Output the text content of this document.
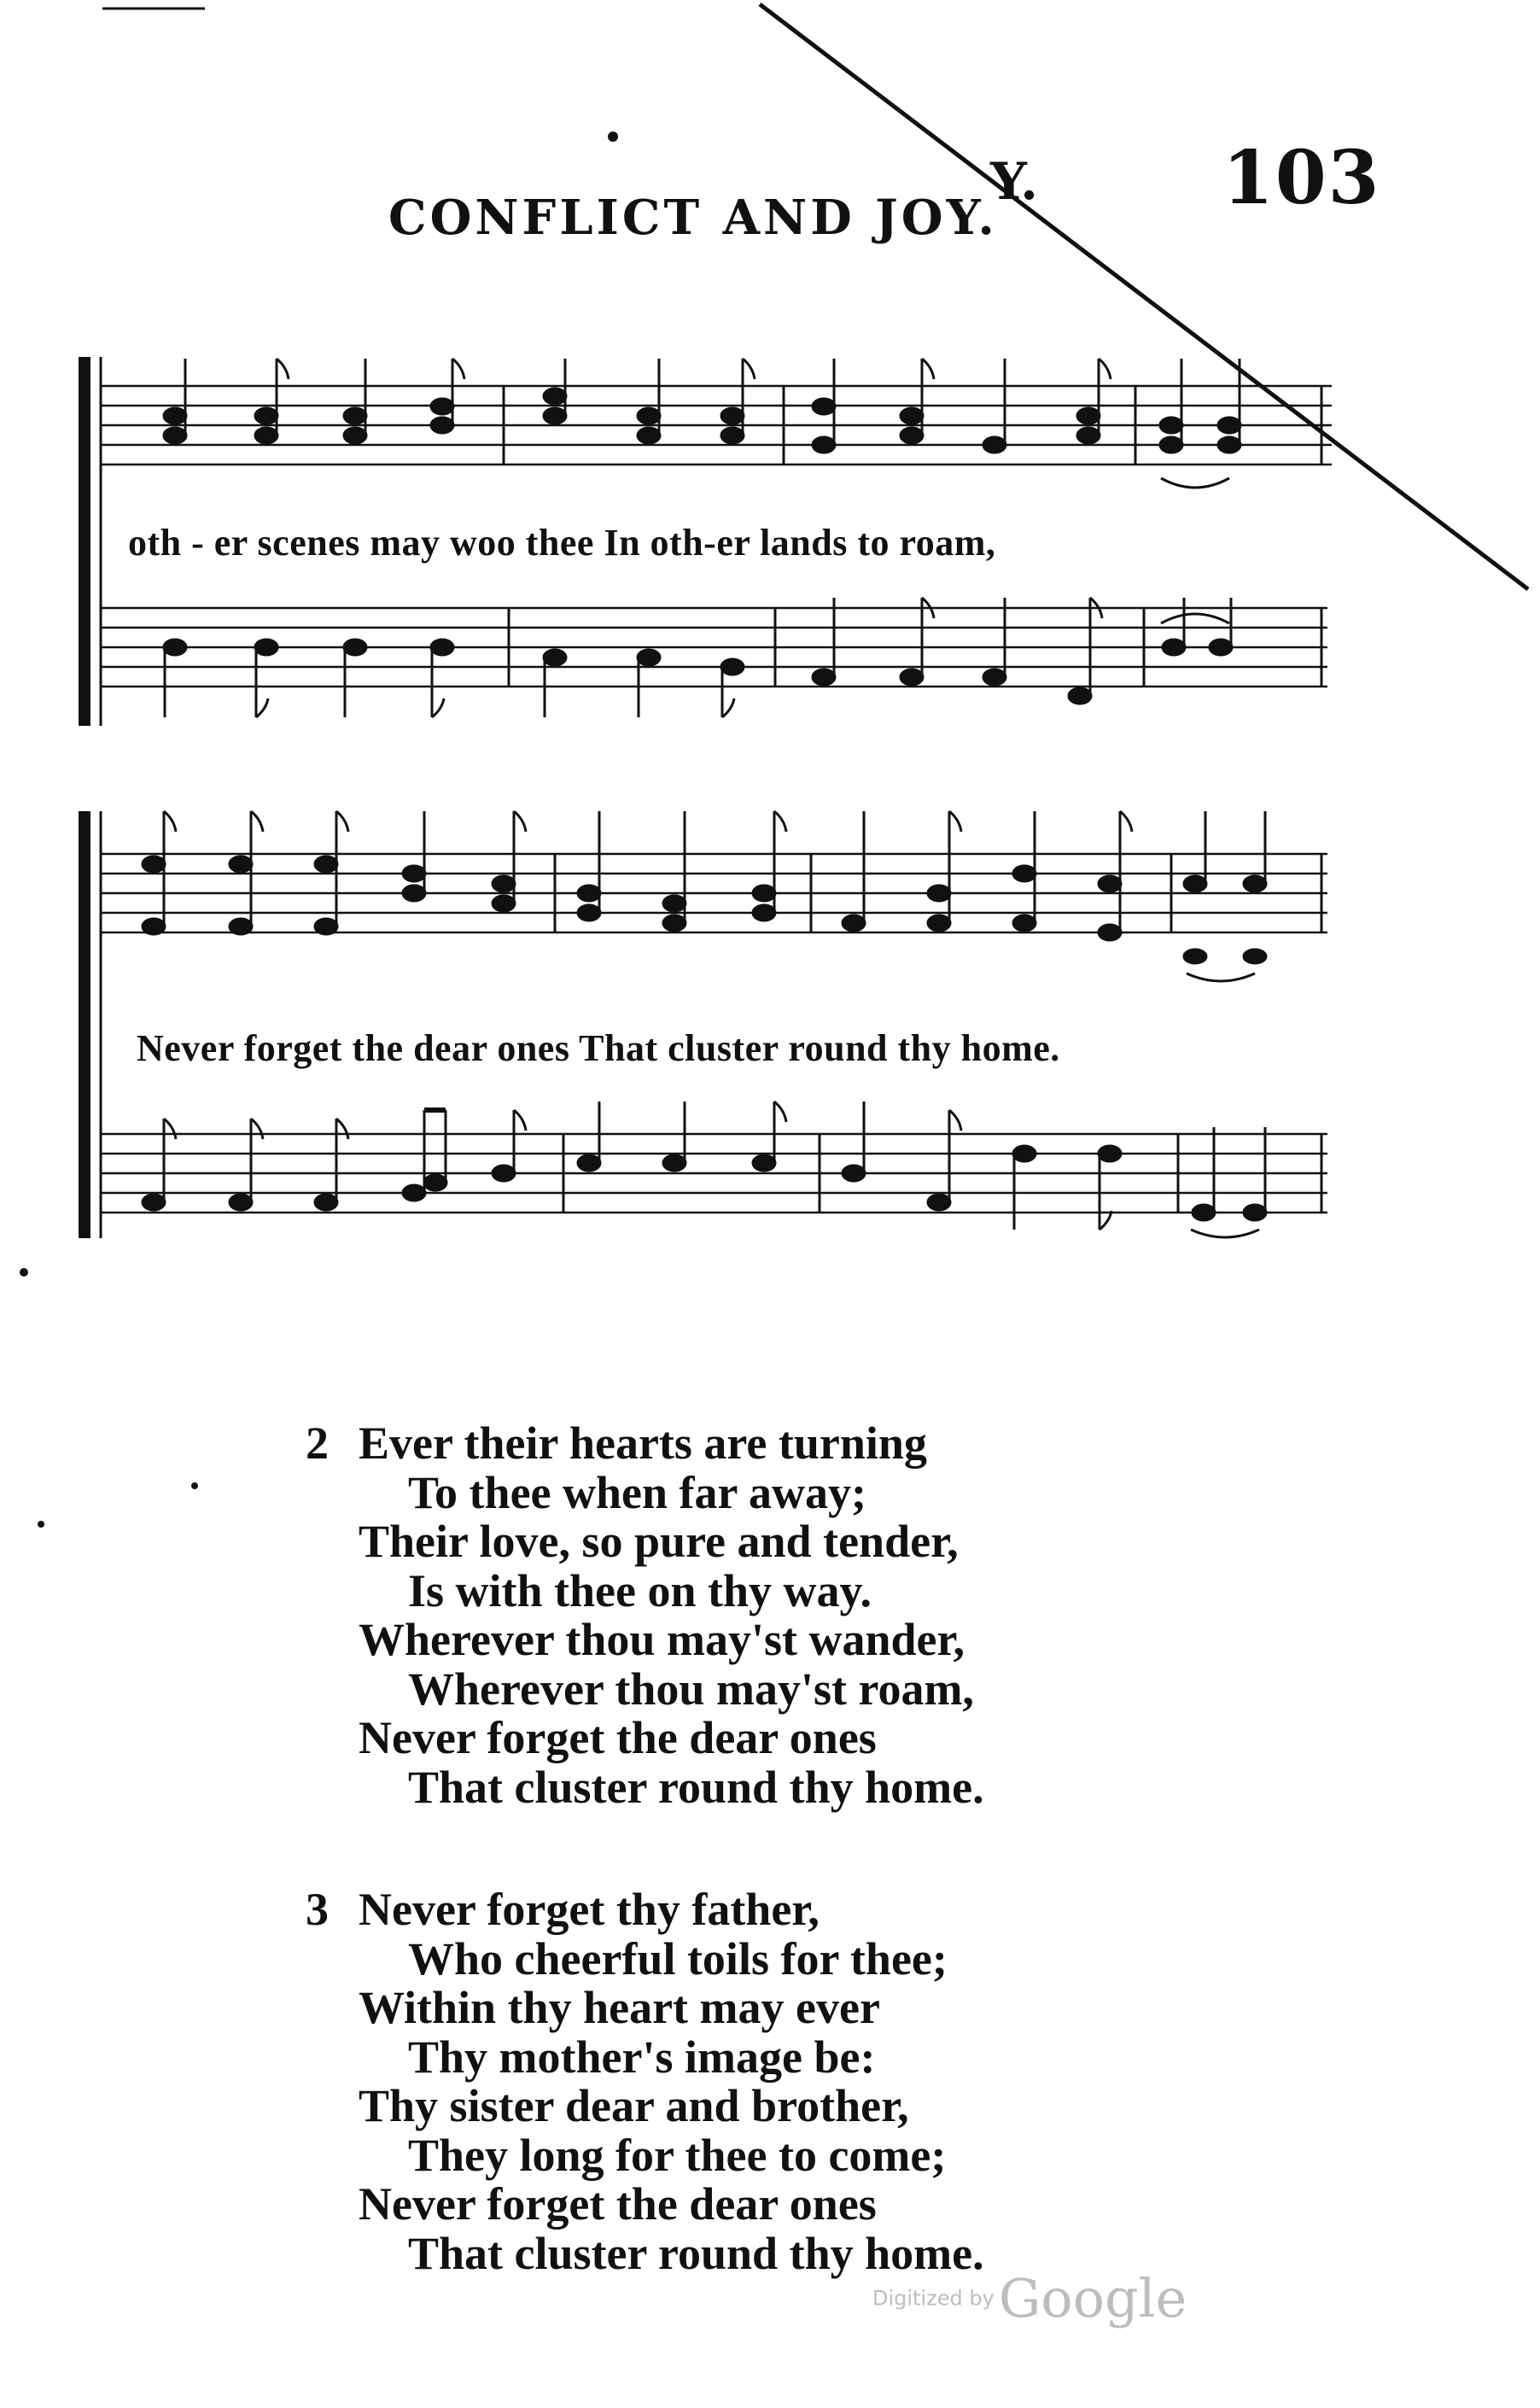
CONFLICT AND JOY.
Y.	103
oth - er scenes may woo thee In oth-er lands to roam,
Never forget the dear ones That cluster round thy home.
2 Ever their hearts are turning
To thee when far away;
Their love, so pure and tender,
Is with thee on thy way.
Wherever thou may'st wander,
Wherever thou may'st roam,
Never forget the dear ones
That cluster round thy home.
3 Never forget thy father,
Who cheerful toils for thee;
Within thy heart may ever
Thy mother's image be:
Thy sister dear and brother,
They long for thee to come;
Never forget the dear ones
That cluster round thy home.
Digitized by Google
